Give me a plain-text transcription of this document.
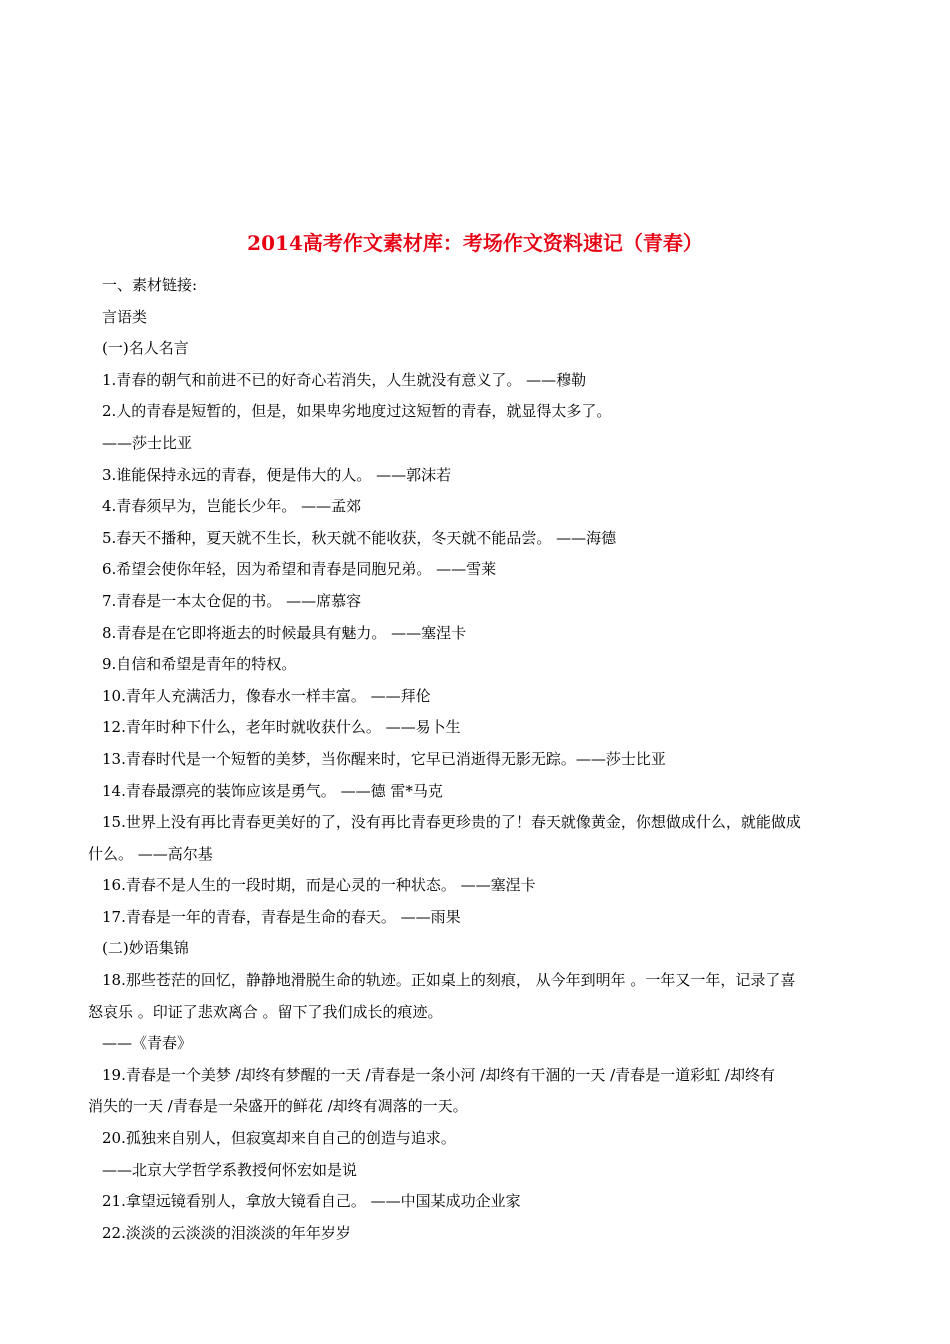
2014高考作文素材库：考场作文资料速记（青春）
一、素材链接:
言语类
(一)名人名言
1.青春的朝气和前进不已的好奇心若消失，人生就没有意义了。 ——穆勒
2.人的青春是短暂的，但是，如果卑劣地度过这短暂的青春，就显得太多了。
——莎士比亚
3.谁能保持永远的青春，便是伟大的人。 ——郭沫若
4.青春须早为，岂能长少年。 ——孟郊
5.春天不播种，夏天就不生长，秋天就不能收获，冬天就不能品尝。 ——海德
6.希望会使你年轻，因为希望和青春是同胞兄弟。 ——雪莱
7.青春是一本太仓促的书。 ——席慕容
8.青春是在它即将逝去的时候最具有魅力。 ——塞涅卡
9.自信和希望是青年的特权。
10.青年人充满活力，像春水一样丰富。 ——拜伦
12.青年时种下什么，老年时就收获什么。 ——易卜生
13.青春时代是一个短暂的美梦，当你醒来时，它早已消逝得无影无踪。——莎士比亚
14.青春最漂亮的装饰应该是勇气。 ——德 雷*马克
15.世界上没有再比青春更美好的了，没有再比青春更珍贵的了！春天就像黄金，你想做成什么，就能做成
什么。 ——高尔基
16.青春不是人生的一段时期，而是心灵的一种状态。 ——塞涅卡
17.青春是一年的青春，青春是生命的春天。 ——雨果
(二)妙语集锦
18.那些苍茫的回忆，静静地滑脱生命的轨迹。正如桌上的刻痕， 从今年到明年 。一年又一年，记录了喜
怒哀乐 。印证了悲欢离合 。留下了我们成长的痕迹。
——《青春》
19.青春是一个美梦 /却终有梦醒的一天 /青春是一条小河 /却终有干涸的一天 /青春是一道彩虹 /却终有
消失的一天 /青春是一朵盛开的鲜花 /却终有凋落的一天。
20.孤独来自别人，但寂寞却来自自己的创造与追求。
——北京大学哲学系教授何怀宏如是说
21.拿望远镜看别人，拿放大镜看自己。 ——中国某成功企业家
22.淡淡的云淡淡的泪淡淡的年年岁岁
